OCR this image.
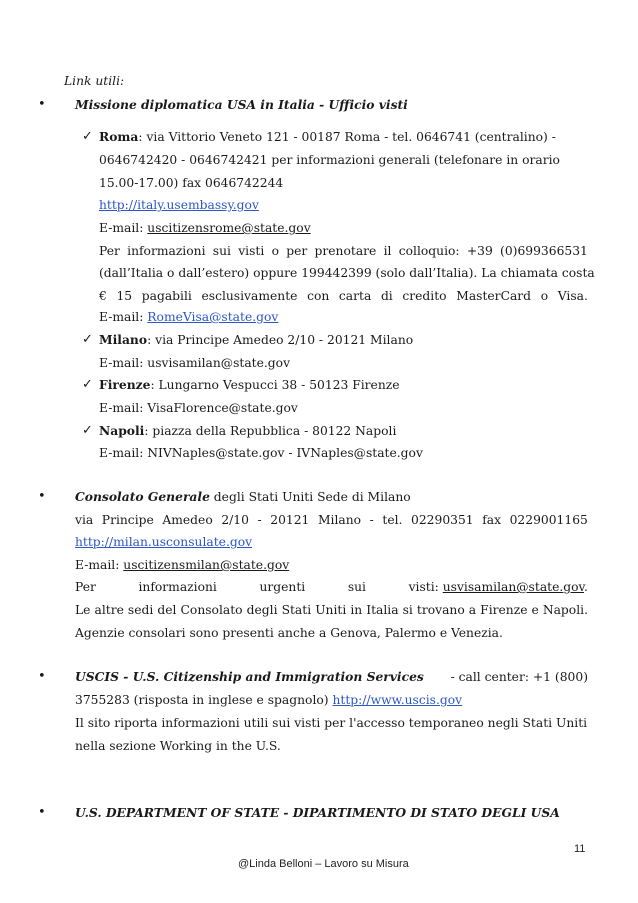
Link utili:
• Missione diplomatica USA in Italia - Ufficio visti
✓ Roma: via Vittorio Veneto 121 - 00187 Roma - tel. 0646741 (centralino) -
0646742420 - 0646742421 per informazioni generali (telefonare in orario
15.00-17.00) fax 0646742244
http://italy.usembassy.gov
E-mail: uscitizensrome@state.gov
Per informazioni sui visti o per prenotare il colloquio: +39 (0)699366531
(dall’Italia o dall’estero) oppure 199442399 (solo dall’Italia). La chiamata costa
€ 15 pagabili esclusivamente con carta di credito MasterCard o Visa.
E-mail: RomeVisa@state.gov
✓ Milano: via Principe Amedeo 2/10 - 20121 Milano
E-mail: usvisamilan@state.gov
✓ Firenze: Lungarno Vespucci 38 - 50123 Firenze
E-mail: VisaFlorence@state.gov
✓ Napoli: piazza della Repubblica - 80122 Napoli
E-mail: NIVNaples@state.gov - IVNaples@state.gov
• Consolato Generale degli Stati Uniti Sede di Milano
via Principe Amedeo 2/10 - 20121 Milano - tel. 02290351 fax 0229001165
http://milan.usconsulate.gov
E-mail: uscitizensmilan@state.gov
Per	informazioni	urgenti	sui	visti: usvisamilan@state.gov.
Le altre sedi del Consolato degli Stati Uniti in Italia si trovano a Firenze e Napoli.
Agenzie consolari sono presenti anche a Genova, Palermo e Venezia.
• USCIS - U.S. Citizenship and Immigration Services - call center: +1 (800)
3755283 (risposta in inglese e spagnolo) http://www.uscis.gov
Il sito riporta informazioni utili sui visti per l'accesso temporaneo negli Stati Uniti
nella sezione Working in the U.S.
• U.S. DEPARTMENT OF STATE - DIPARTIMENTO DI STATO DEGLI USA
11
@Linda Belloni – Lavoro su Misura
